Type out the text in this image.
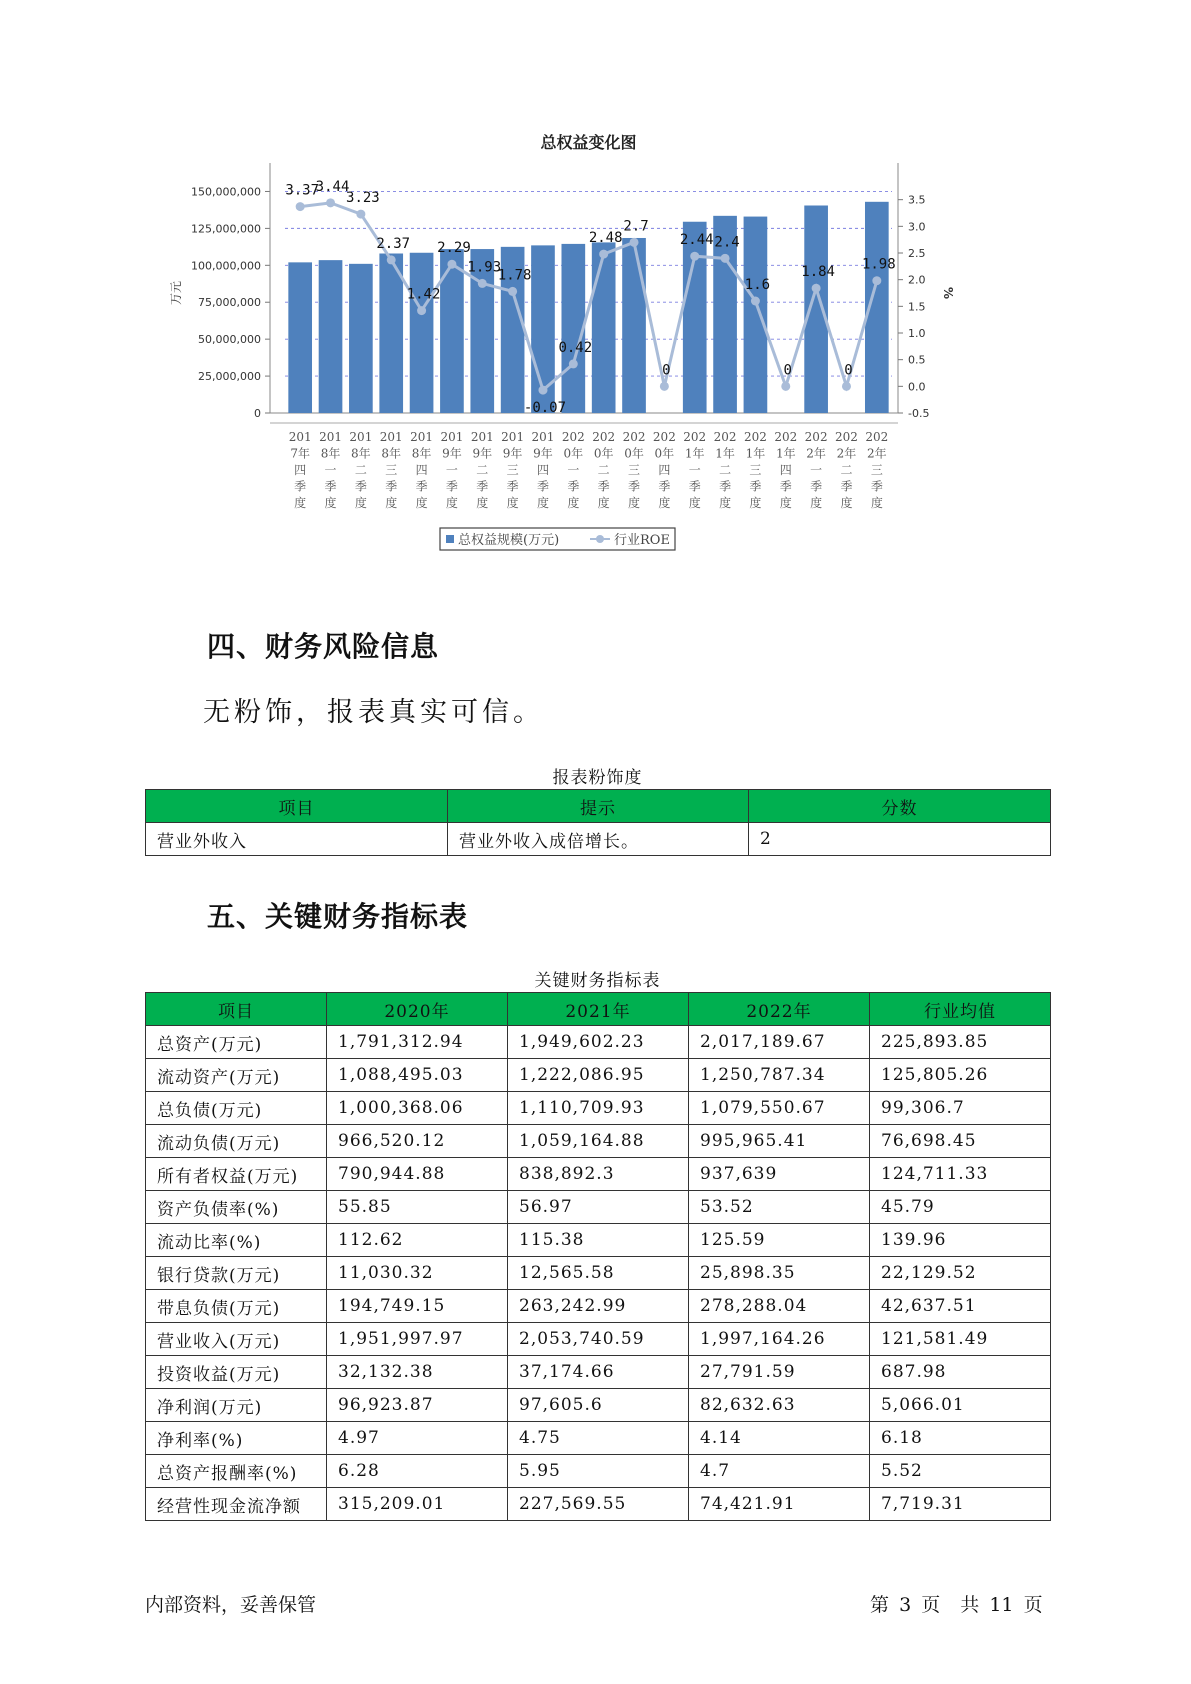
总权益变化图
0
25,000,000
50,000,000
75,000,000
100,000,000
125,000,000
150,000,000
-0.5
0.0
0.5
1.0
1.5
2.0
2.5
3.0
3.5
万元	%
3.37
3.44
3.23
2.37
1.42
2.29
1.93
1.78
-0.07
0.42
2.48
2.7
0
2.44 2.4
1.6
0
1.84
0
1.98
201
7年
四
季
度
201
8年
一
季
度
201
8年
二
季
度
201
8年
三
季
度
201
8年
四
季
度
201
9年
一
季
度
201
9年
二
季
度
201
9年
三
季
度
201
9年
四
季
度
202
0年
一
季
度
202
0年
二
季
度
202
0年
三
季
度
202
0年
四
季
度
202
1年
一
季
度
202
1年
二
季
度
202
1年
三
季
度
202
1年
四
季
度
202
2年
一
季
度
202
2年
二
季
度
202
2年
三
季
度
总权益规模(万元)	行业ROE
四、财务风险信息
无粉饰，报表真实可信。
报表粉饰度
项目	提示	分数
营业外收入	营业外收入成倍增长。	2
五、关键财务指标表
关键财务指标表
项目	2020年	2021年	2022年	行业均值
总资产(万元)	1,791,312.94	1,949,602.23	2,017,189.67	225,893.85
流动资产(万元)	1,088,495.03	1,222,086.95	1,250,787.34	125,805.26
总负债(万元)	1,000,368.06	1,110,709.93	1,079,550.67	99,306.7
流动负债(万元)	966,520.12	1,059,164.88	995,965.41	76,698.45
所有者权益(万元)	790,944.88	838,892.3	937,639	124,711.33
资产负债率(%)	55.85	56.97	53.52	45.79
流动比率(%)	112.62	115.38	125.59	139.96
银行贷款(万元)	11,030.32	12,565.58	25,898.35	22,129.52
带息负债(万元)	194,749.15	263,242.99	278,288.04	42,637.51
营业收入(万元)	1,951,997.97	2,053,740.59	1,997,164.26	121,581.49
投资收益(万元)	32,132.38	37,174.66	27,791.59	687.98
净利润(万元)	96,923.87	97,605.6	82,632.63	5,066.01
净利率(%)	4.97	4.75	4.14	6.18
总资产报酬率(%)	6.28	5.95	4.7	5.52
经营性现金流净额	315,209.01	227,569.55	74,421.91	7,719.31
内部资料，妥善保管	第 3 页 共 11 页
